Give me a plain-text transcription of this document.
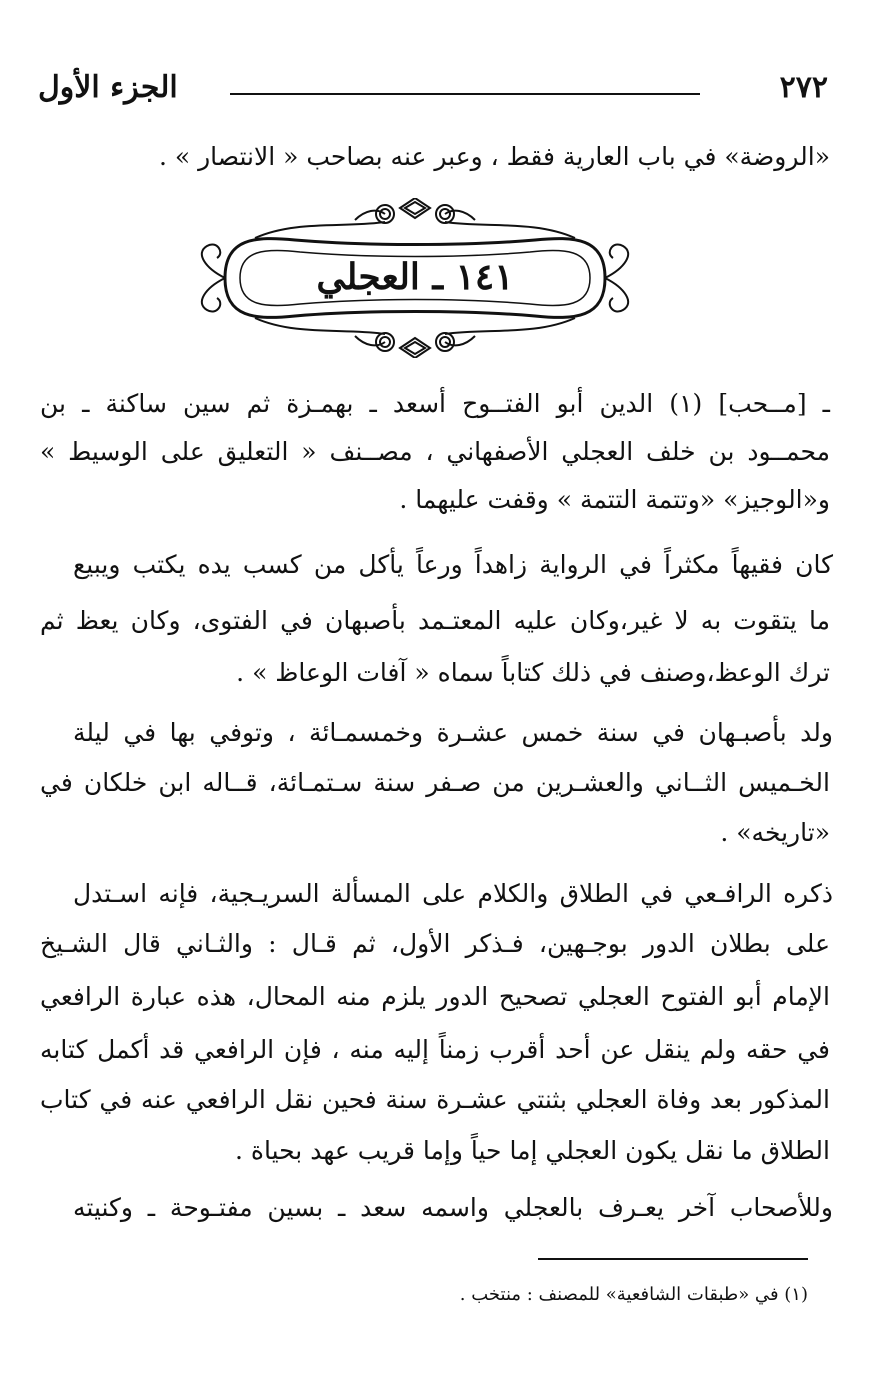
٢٧٢
الجزء الأول
«الروضة» في باب العارية فقط ، وعبر عنه بصاحب « الانتصار » .
١٤١ ـ العجلي
ـ [مــحب] (١) الدين أبو الفتــوح أسعد ـ بهمـزة ثم سين ساكنة ـ بن
محمــود بن خلف العجلي الأصفهاني ، مصــنف « التعليق على الوسيط »
و«الوجيز» «وتتمة التتمة » وقفت عليهما .
كان فقيهاً مكثراً في الرواية زاهداً ورعاً يأكل من كسب يده يكتب ويبيع
ما يتقوت به لا غير،وكان عليه المعتـمد بأصبهان في الفتوى، وكان يعظ ثم
ترك الوعظ،وصنف في ذلك كتاباً سماه « آفات الوعاظ » .
ولد بأصبـهان في سنة خمس عشـرة وخمسمـائة ، وتوفي بها في ليلة
الخـميس الثــاني والعشـرين من صـفر سنة سـتمـائة، قــاله ابن خلكان في
«تاريخه» .
ذكره الرافـعي في الطلاق والكلام على المسألة السريـجية، فإنه اسـتدل
على بطلان الدور بوجـهين، فـذكر الأول، ثم قـال : والثـاني قال الشـيخ
الإمام أبو الفتوح العجلي تصحيح الدور يلزم منه المحال، هذه عبارة الرافعي
في حقه ولم ينقل عن أحد أقرب زمناً إليه منه ، فإن الرافعي قد أكمل كتابه
المذكور بعد وفاة العجلي بثنتي عشـرة سنة فحين نقل الرافعي عنه في كتاب
الطلاق ما نقل يكون العجلي إما حياً وإما قريب عهد بحياة .
وللأصحاب آخر يعـرف بالعجلي واسمه سعد ـ بسين مفتـوحة ـ وكنيته
(١) في «طبقات الشافعية» للمصنف : منتخب .
